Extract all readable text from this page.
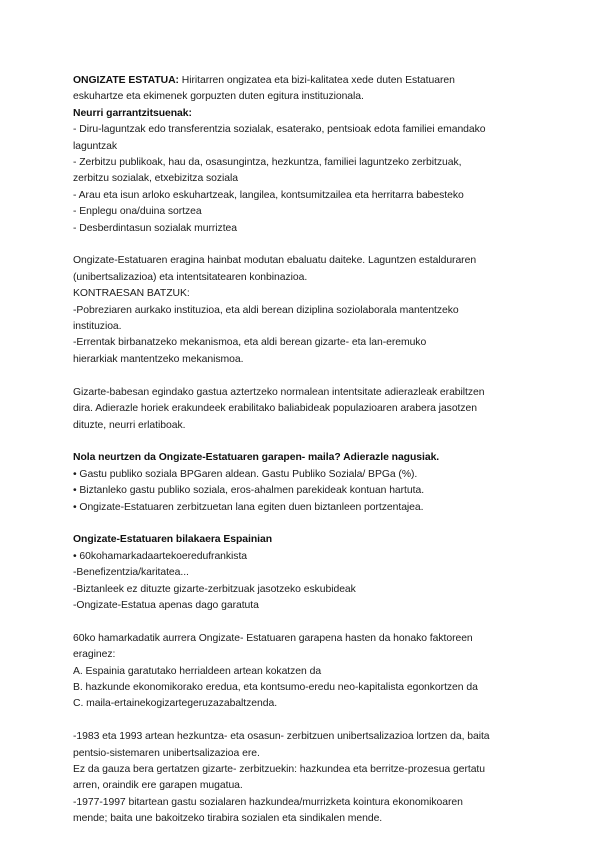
ONGIZATE ESTATUA: Hiritarren ongizatea eta bizi-kalitatea xede duten Estatuaren

eskuhartze eta ekimenek gorpuzten duten egitura instituzionala.

Neurri garrantzitsuenak:

- Diru-laguntzak edo transferentzia sozialak, esaterako, pentsioak edota familiei emandako

laguntzak

- Zerbitzu publikoak, hau da, osasungintza, hezkuntza, familiei laguntzeko zerbitzuak,

zerbitzu sozialak, etxebizitza soziala

- Arau eta isun arloko eskuhartzeak, langilea, kontsumitzailea eta herritarra babesteko

- Enplegu ona/duina sortzea

- Desberdintasun sozialak murriztea

Ongizate-Estatuaren eragina hainbat modutan ebaluatu daiteke. Laguntzen estalduraren

(unibertsalizazioa) eta intentsitatearen konbinazioa.

KONTRAESAN BATZUK:

-Pobreziaren aurkako instituzioa, eta aldi berean diziplina soziolaboralа mantentzeko

instituzioa.

-Errentak birbanatzeko mekanismoa, eta aldi berean gizarte- eta lan-eremuko

hierarkiak mantentzeko mekanismoa.

Gizarte-babesan egindako gastua aztertzeko normalean intentsitate adierazleak erabiltzen

dira. Adierazle horiek erakundeek erabilitako baliabideak populazioaren arabera jasotzen

dituzte, neurri erlatiboak.

Nola neurtzen da Ongizate-Estatuaren garapen- maila? Adierazle nagusiak.

• Gastu publiko soziala BPGaren aldean. Gastu Publiko Soziala/ BPGa (%).

• Biztanleko gastu publiko soziala, eros-ahalmen parekideak kontuan hartuta.

• Ongizate-Estatuaren zerbitzuetan lana egiten duen biztanleen portzentajea.

Ongizate-Estatuaren bilakaera Espainian

• 60kohamarkadaartekoeredufrankista

-Benefizentzia/karitatea...

-Biztanleek ez dituzte gizarte-zerbitzuak jasotzeko eskubideak

-Ongizate-Estatua apenas dago garatuta

60ko hamarkadatik aurrera Ongizate- Estatuaren garapena hasten da honako faktoreen

eraginez:

A. Espainia garatutako herrialdeen artean kokatzen da

B. hazkunde ekonomikorako eredua, eta kontsumo-eredu neo-kapitalista egonkortzen da

C. maila-ertainekogizartegeruzazabaltzenda.

-1983 eta 1993 artean hezkuntza- eta osasun- zerbitzuen unibertsalizazioa lortzen da, baita

pentsio-sistemaren unibertsalizazioa ere.

Ez da gauza bera gertatzen gizarte- zerbitzuekin: hazkundea eta berritze-prozesua gertatu

arren, oraindik ere garapen mugatua.

-1977-1997 bitartean gastu sozialaren hazkundea/murrizketa kointura ekonomikoaren

mende; baita une bakoitzeko tirabira sozialen eta sindikalen mende.
